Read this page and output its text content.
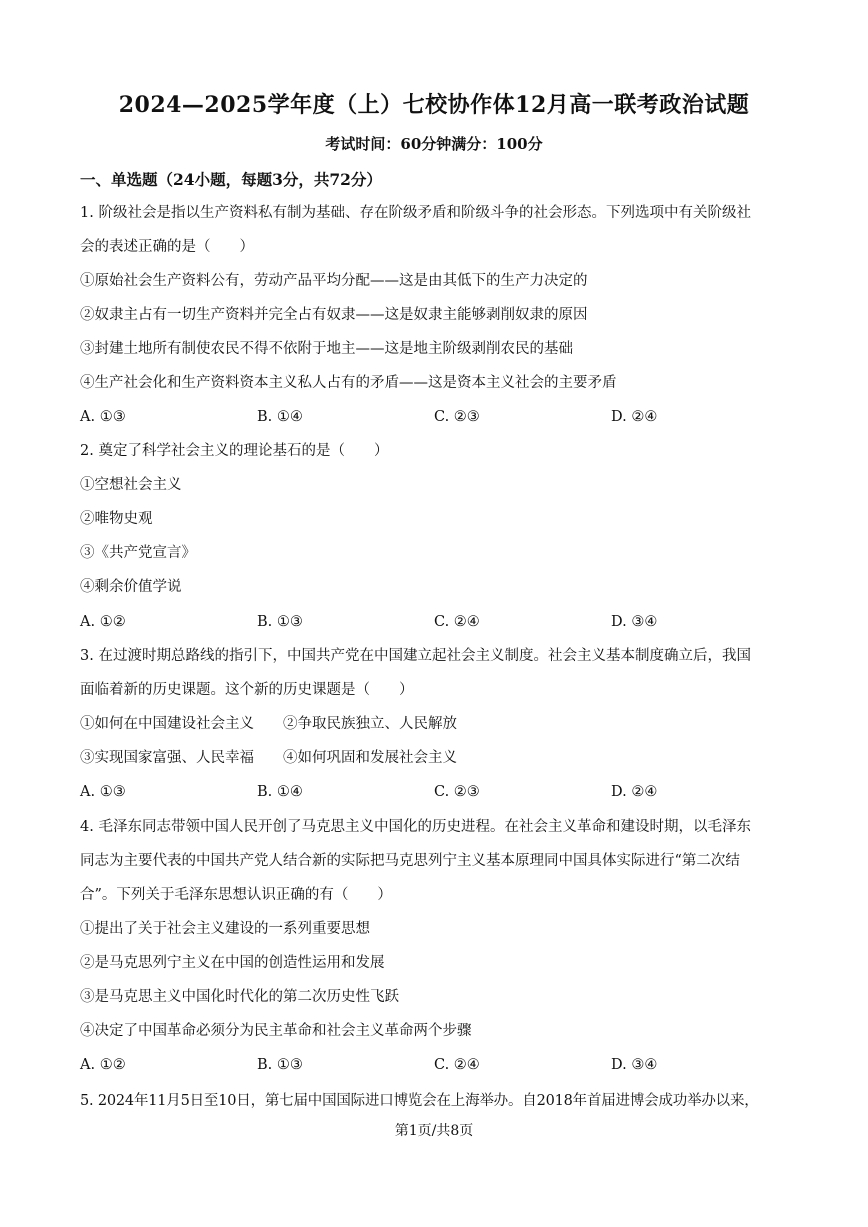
2024—2025学年度（上）七校协作体12月高一联考政治试题
考试时间：60分钟满分：100分
一、单选题（24小题，每题3分，共72分）
1. 阶级社会是指以生产资料私有制为基础、存在阶级矛盾和阶级斗争的社会形态。下列选项中有关阶级社
会的表述正确的是（　　）
①原始社会生产资料公有，劳动产品平均分配——这是由其低下的生产力决定的
②奴隶主占有一切生产资料并完全占有奴隶——这是奴隶主能够剥削奴隶的原因
③封建土地所有制使农民不得不依附于地主——这是地主阶级剥削农民的基础
④生产社会化和生产资料资本主义私人占有的矛盾——这是资本主义社会的主要矛盾
A. ①③	B. ①④	C. ②③	D. ②④
2. 奠定了科学社会主义的理论基石的是（　　）
①空想社会主义
②唯物史观
③《共产党宣言》
④剩余价值学说
A. ①②	B. ①③	C. ②④	D. ③④
3. 在过渡时期总路线的指引下，中国共产党在中国建立起社会主义制度。社会主义基本制度确立后，我国
面临着新的历史课题。这个新的历史课题是（　　）
①如何在中国建设社会主义　　②争取民族独立、人民解放
③实现国家富强、人民幸福　　④如何巩固和发展社会主义
A. ①③	B. ①④	C. ②③	D. ②④
4. 毛泽东同志带领中国人民开创了马克思主义中国化的历史进程。在社会主义革命和建设时期，以毛泽东
同志为主要代表的中国共产党人结合新的实际把马克思列宁主义基本原理同中国具体实际进行“第二次结
合”。下列关于毛泽东思想认识正确的有（　　）
①提出了关于社会主义建设的一系列重要思想
②是马克思列宁主义在中国的创造性运用和发展
③是马克思主义中国化时代化的第二次历史性飞跃
④决定了中国革命必须分为民主革命和社会主义革命两个步骤
A. ①②	B. ①③	C. ②④	D. ③④
5. 2024年11月5日至10日，第七届中国国际进口博览会在上海举办。自2018年首届进博会成功举办以来，
第1页/共8页
